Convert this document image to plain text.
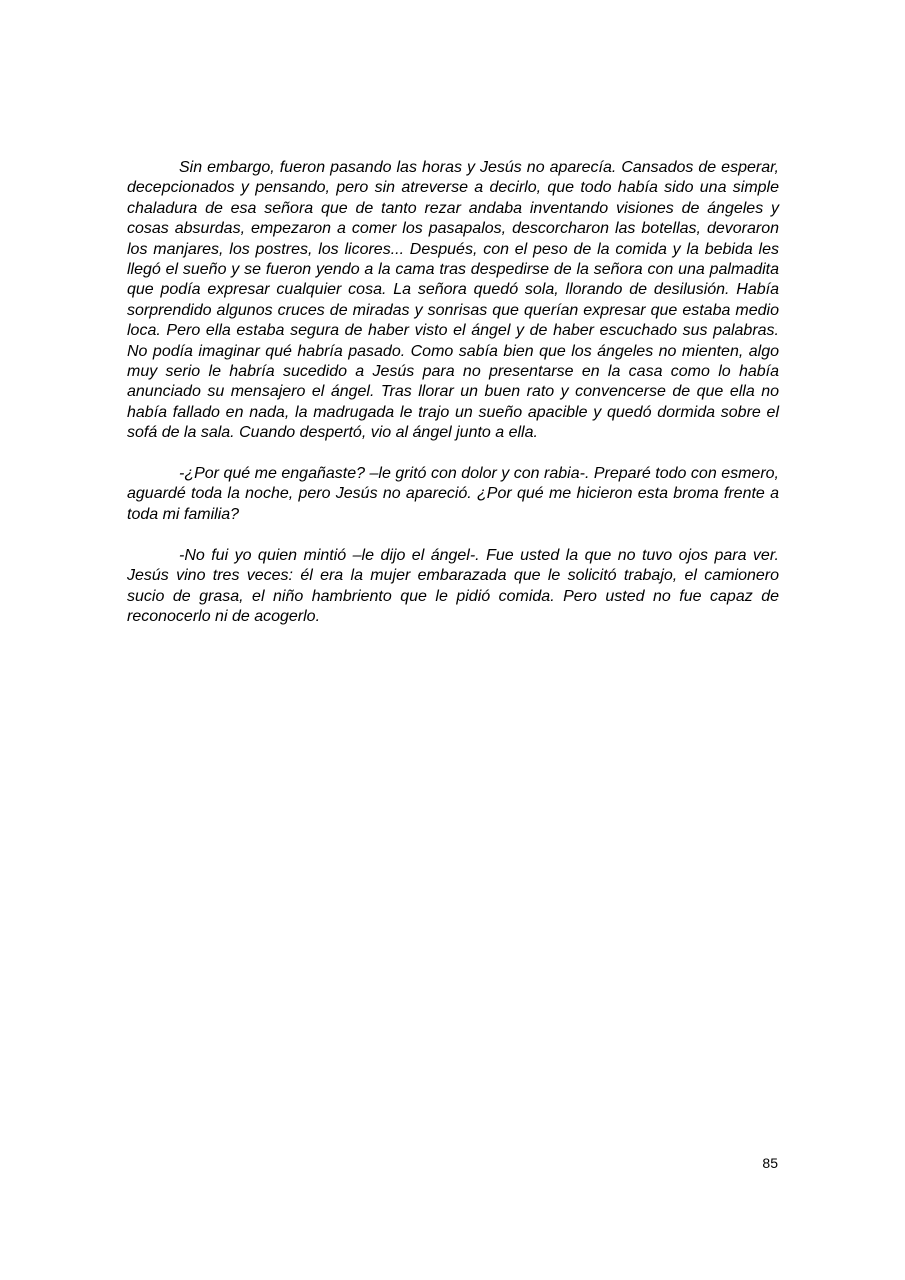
Sin embargo, fueron pasando las horas y Jesús no aparecía. Cansados de esperar, decepcionados y pensando, pero sin atreverse a decirlo, que todo había sido una simple chaladura de esa señora que de tanto rezar andaba inventando visiones de ángeles y cosas absurdas, empezaron a comer los pasapalos, descorcharon las botellas, devoraron los manjares, los postres, los licores... Después, con el peso de la comida y la bebida les llegó el sueño y se fueron yendo a la cama tras despedirse de la señora con una palmadita que podía expresar cualquier cosa. La señora quedó sola, llorando de desilusión. Había sorprendido algunos cruces de miradas y sonrisas que querían expresar que estaba medio loca. Pero ella estaba segura de haber visto el ángel y de haber escuchado sus palabras. No podía imaginar qué habría pasado. Como sabía bien que los ángeles no mienten, algo muy serio le habría sucedido a Jesús para no presentarse en la casa como lo había anunciado su mensajero el ángel. Tras llorar un buen rato y convencerse de que ella no había fallado en nada, la madrugada le trajo un sueño apacible y quedó dormida sobre el sofá de la sala. Cuando despertó, vio al ángel junto a ella.

-¿Por qué me engañaste? –le gritó con dolor y con rabia-. Preparé todo con esmero, aguardé toda la noche, pero Jesús no apareció. ¿Por qué me hicieron esta broma frente a toda mi familia?

-No fui yo quien mintió –le dijo el ángel-. Fue usted la que no tuvo ojos para ver. Jesús vino tres veces: él era la mujer embarazada que le solicitó trabajo, el camionero sucio de grasa, el niño hambriento que le pidió comida. Pero usted no fue capaz de reconocerlo ni de acogerlo.

85
